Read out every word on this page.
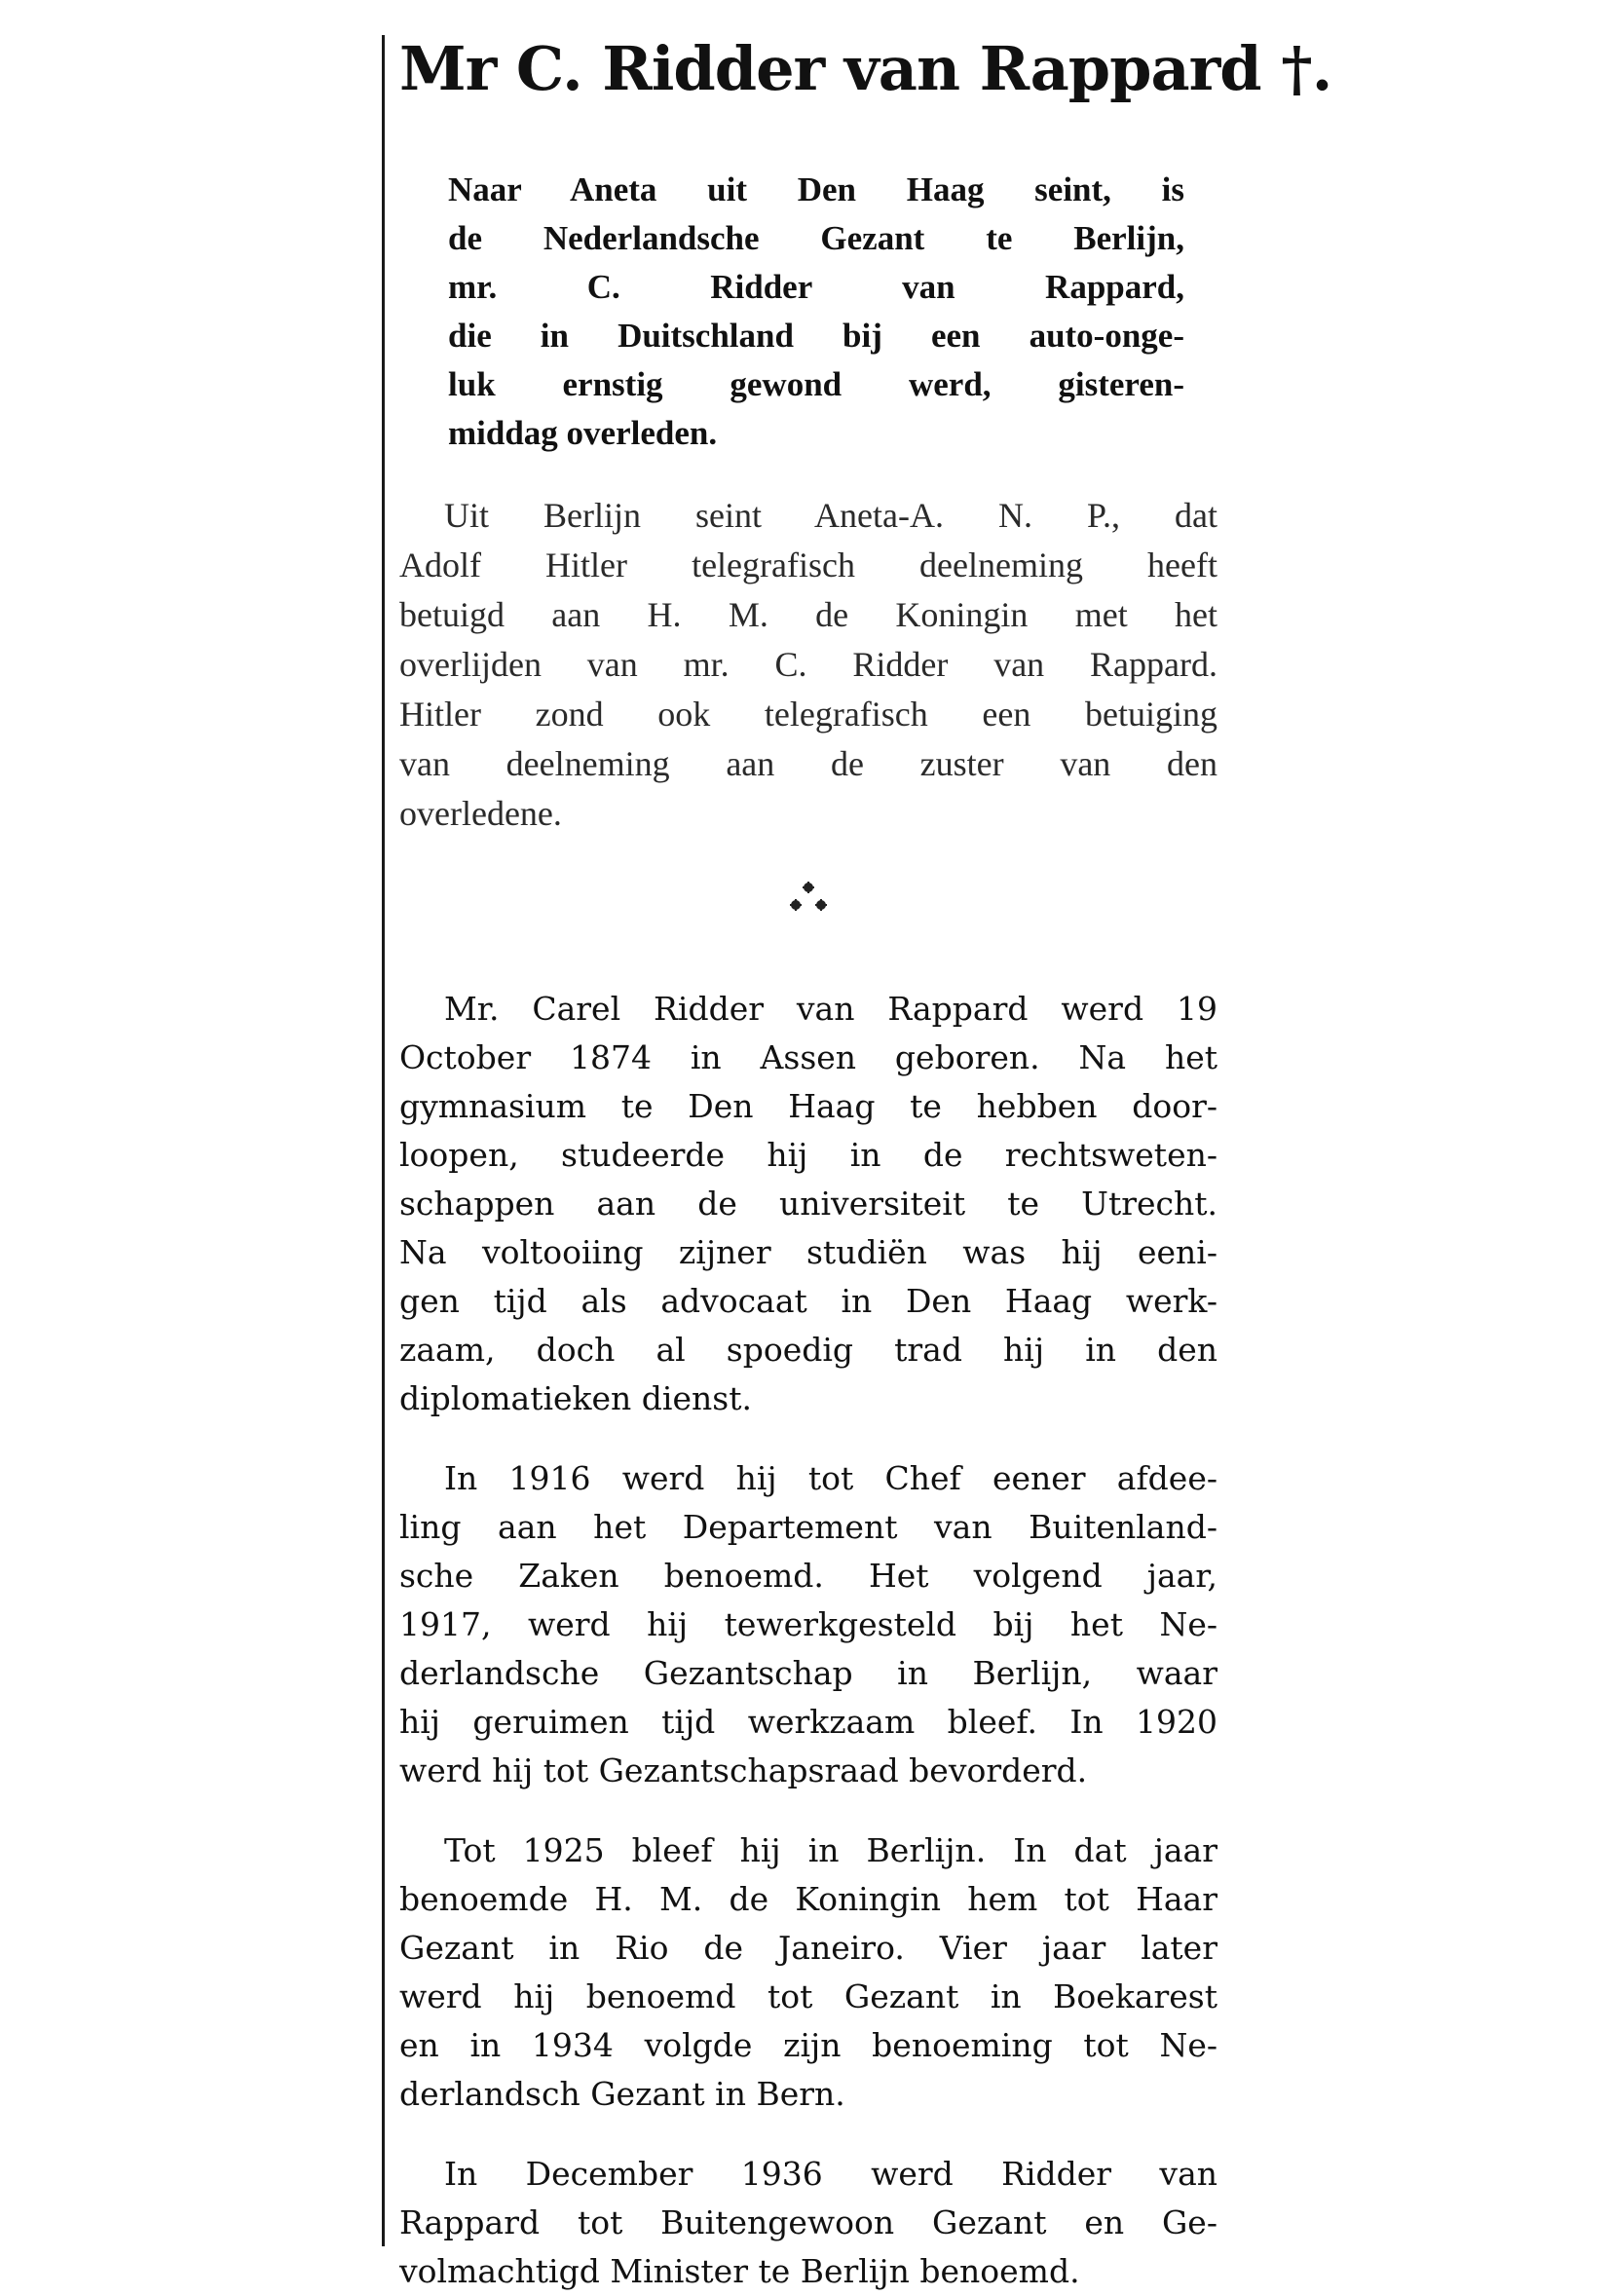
Mr C. Ridder van Rappard †.
Naar Aneta uit Den Haag seint, is
de Nederlandsche Gezant te Berlijn,
mr. C. Ridder van Rappard,
die in Duitschland bij een auto-onge-
luk ernstig gewond werd, gisteren-
middag overleden.
Uit Berlijn seint Aneta-A. N. P., dat
Adolf Hitler telegrafisch deelneming heeft
betuigd aan H. M. de Koningin met het
overlijden van mr. C. Ridder van Rappard.
Hitler zond ook telegrafisch een betuiging
van deelneming aan de zuster van den
overledene.
Mr. Carel Ridder van Rappard werd 19
October 1874 in Assen geboren. Na het
gymnasium te Den Haag te hebben door-
loopen, studeerde hij in de rechtsweten-
schappen aan de universiteit te Utrecht.
Na voltooiing zijner studiën was hij eeni-
gen tijd als advocaat in Den Haag werk-
zaam, doch al spoedig trad hij in den
diplomatieken dienst.
In 1916 werd hij tot Chef eener afdee-
ling aan het Departement van Buitenland-
sche Zaken benoemd. Het volgend jaar,
1917, werd hij tewerkgesteld bij het Ne-
derlandsche Gezantschap in Berlijn, waar
hij geruimen tijd werkzaam bleef. In 1920
werd hij tot Gezantschapsraad bevorderd.
Tot 1925 bleef hij in Berlijn. In dat jaar
benoemde H. M. de Koningin hem tot Haar
Gezant in Rio de Janeiro. Vier jaar later
werd hij benoemd tot Gezant in Boekarest
en in 1934 volgde zijn benoeming tot Ne-
derlandsch Gezant in Bern.
In December 1936 werd Ridder van
Rappard tot Buitengewoon Gezant en Ge-
volmachtigd Minister te Berlijn benoemd.
